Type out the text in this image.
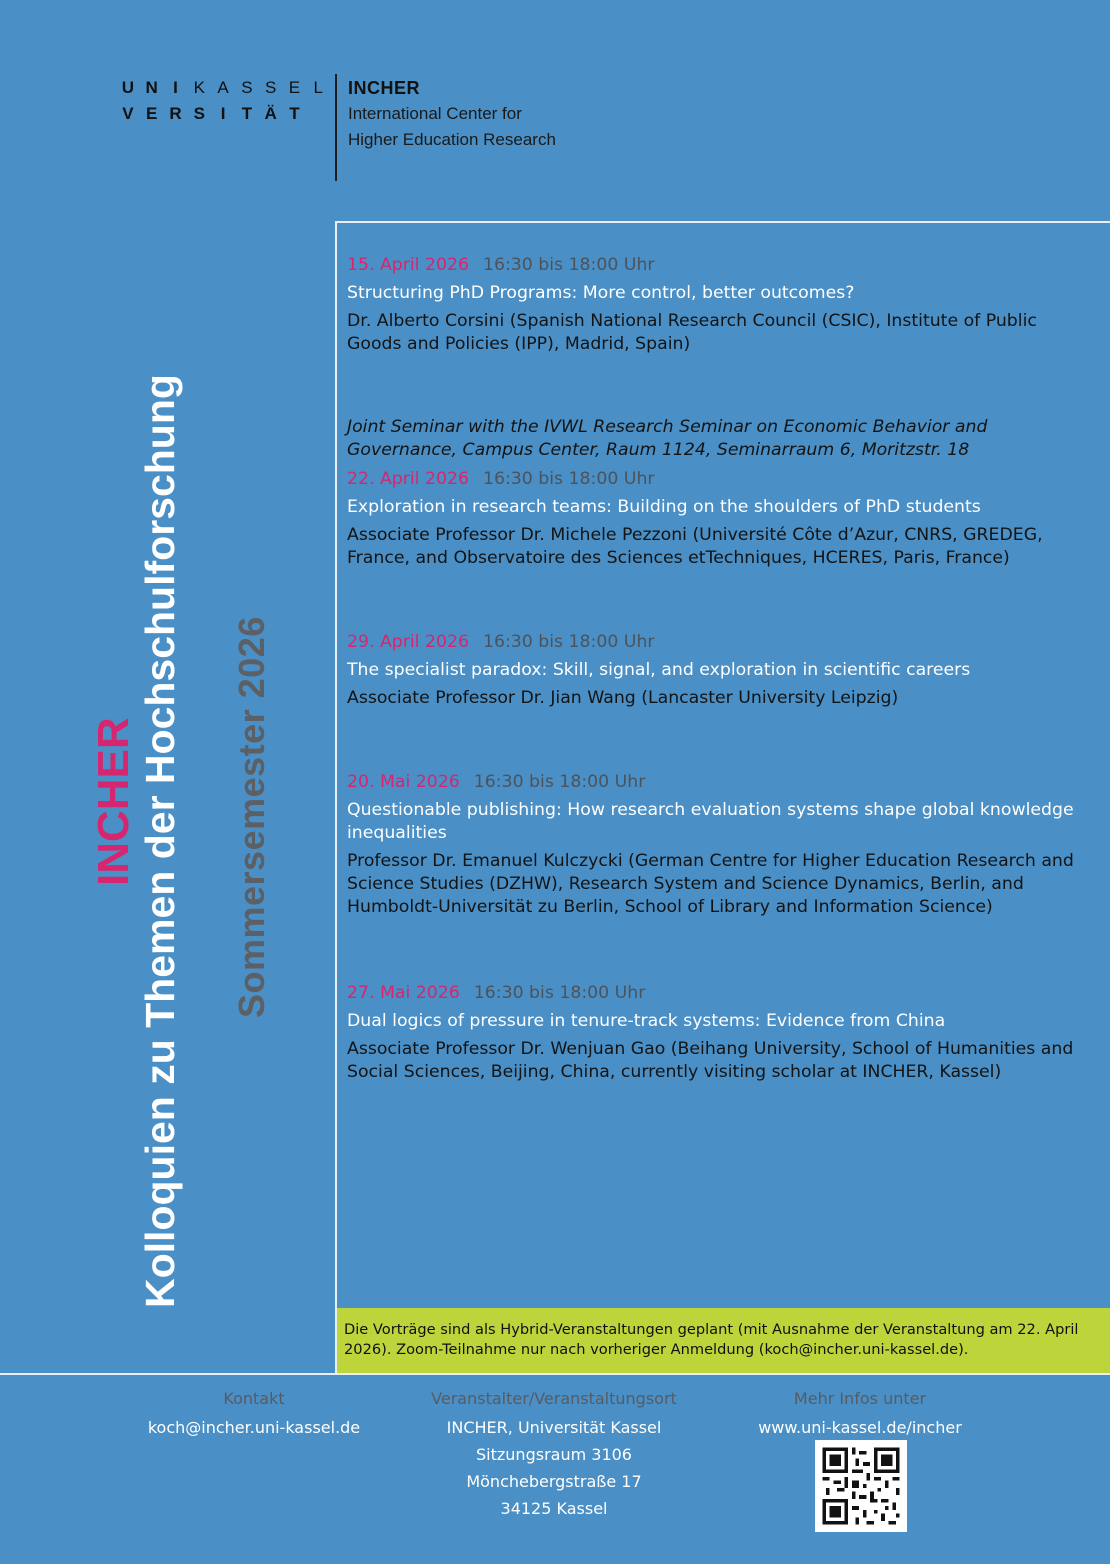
U N I K A S S E L
V E R S I T Ä T
INCHER
International Center for
Higher Education Research
INCHER Kolloquien zu Themen der Hochschulforschung Sommersemester 2026
15. April 2026 16:30 bis 18:00 Uhr
Structuring PhD Programs: More control, better outcomes?
Dr. Alberto Corsini (Spanish National Research Council (CSIC), Institute of Public Goods and Policies (IPP), Madrid, Spain)
Joint Seminar with the IVWL Research Seminar on Economic Behavior and Governance, Campus Center, Raum 1124, Seminarraum 6, Moritzstr. 18
22. April 2026 16:30 bis 18:00 Uhr
Exploration in research teams: Building on the shoulders of PhD students
Associate Professor Dr. Michele Pezzoni (Université Côte d’Azur, CNRS, GREDEG, France, and Observatoire des Sciences etTechniques, HCERES, Paris, France)
29. April 2026 16:30 bis 18:00 Uhr
The specialist paradox: Skill, signal, and exploration in scientific careers
Associate Professor Dr. Jian Wang (Lancaster University Leipzig)
20. Mai 2026 16:30 bis 18:00 Uhr
Questionable publishing: How research evaluation systems shape global knowledge inequalities
Professor Dr. Emanuel Kulczycki (German Centre for Higher Education Research and Science Studies (DZHW), Research System and Science Dynamics, Berlin, and Humboldt-Universität zu Berlin, School of Library and Information Science)
27. Mai 2026 16:30 bis 18:00 Uhr
Dual logics of pressure in tenure-track systems: Evidence from China
Associate Professor Dr. Wenjuan Gao (Beihang University, School of Humanities and Social Sciences, Beijing, China, currently visiting scholar at INCHER, Kassel)
Die Vorträge sind als Hybrid-Veranstaltungen geplant (mit Ausnahme der Veranstaltung am 22. April 2026). Zoom-Teilnahme nur nach vorheriger Anmeldung (koch@incher.uni-kassel.de).
Kontakt
koch@incher.uni-kassel.de
Veranstalter/Veranstaltungsort
INCHER, Universität Kassel
Sitzungsraum 3106
Mönchebergstraße 17
34125 Kassel
Mehr Infos unter
www.uni-kassel.de/incher
